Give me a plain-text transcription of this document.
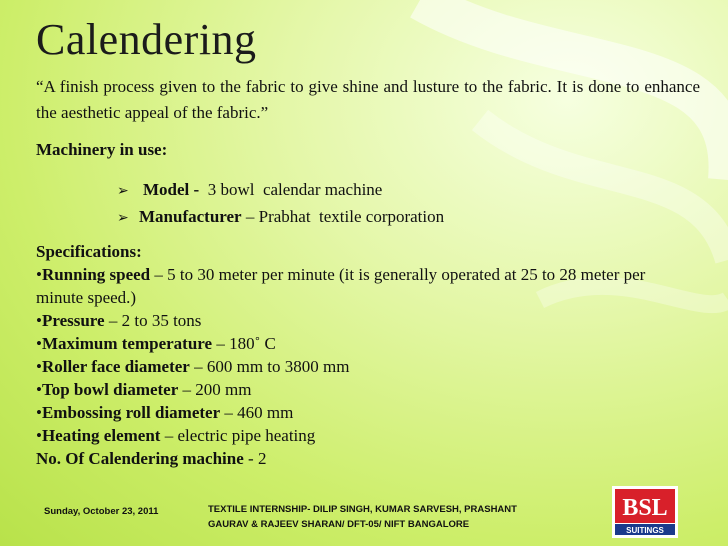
Calendering
“A finish process given to the fabric to give shine and lusture to the fabric. It is done to enhance the aesthetic appeal of the fabric.”
Machinery in use:
➢ Model -  3 bowl  calendar machine
➢ Manufacturer – Prabhat  textile corporation
Specifications:
•Running speed – 5 to 30 meter per minute (it is generally operated at 25 to 28 meter per minute speed.)
•Pressure – 2 to 35 tons
•Maximum temperature – 180˚ C
•Roller face diameter – 600 mm to 3800 mm
•Top bowl diameter – 200 mm
•Embossing roll diameter – 460 mm
•Heating element – electric pipe heating
No. Of Calendering machine - 2
Sunday, October 23, 2011	TEXTILE INTERNSHIP- DILIP SINGH, KUMAR SARVESH, PRASHANT
GAURAV & RAJEEV SHARAN/ DFT-05/ NIFT BANGALORE
BSL
SUITINGS
